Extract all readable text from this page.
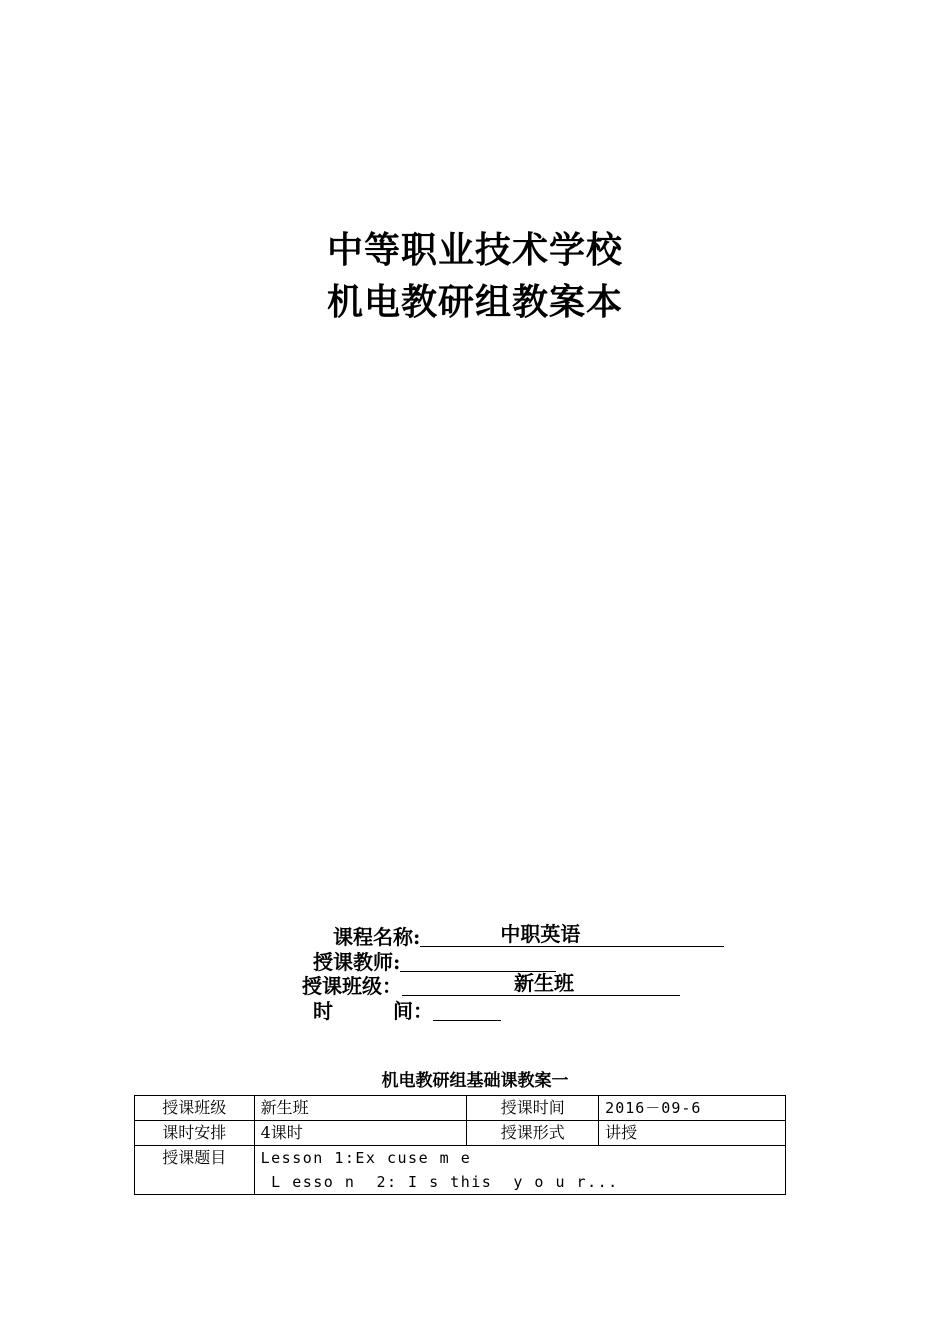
中等职业技术学校
机电教研组教案本
课程名称:	中职英语
授课教师:
授课班级：	新生班
时　　　间：
机电教研组基础课教案一
授课班级	新生班	授课时间	2016－09-6
课时安排	4课时	授课形式	讲授
授课题目	Lesson 1:Ex cuse m e
L esso n  2: I s this  y o u r...		
